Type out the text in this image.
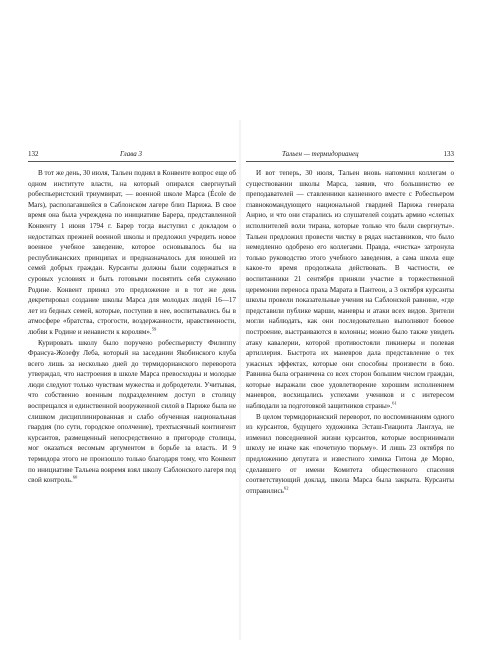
132	Глава 3

В тот же день, 30 июля, Тальен поднял в Конвенте вопрос еще об одном институте власти, на который опирался свергнутый робеспьеристский триумвират, — военной школе Марса (École de Mars), располагавшейся в Саблонском лагере близ Парижа. В свое время она была учреждена по инициативе Барера, представленной Конвенту 1 июня 1794 г. Барер тогда выступил с докладом о недостатках прежней военной школы и предложил учредить новое военное учебное заведение, которое основывалось бы на республиканских принципах и предназначалось для юношей из семей добрых граждан. Курсанты должны были содержаться в суровых условиях и быть готовыми посвятить себя служению Родине. Конвент принял это предложение и в тот же день декретировал создание школы Марса для молодых людей 16—17 лет из бедных семей, которые, поступив в нее, воспитывались бы в атмосфере «братства, строгости, воздержанности, нравственности, любви к Родине и ненависти к королям».$^{59}$

Курировать школу было поручено робеспьеристу Филиппу Франсуа-Жозефу Леба, который на заседании Якобинского клуба всего лишь за несколько дней до термидорианского переворота утверждал, что настроения в школе Марса превосходны и молодые люди следуют только чувствам мужества и добродетели. Учитывая, что собственно военным подразделением доступ в столицу воспрещался и единственной вооруженной силой в Париже была не слишком дисциплинированная и слабо обученная национальная гвардия (по сути, городское ополчение), трехтысячный контингент курсантов, размещенный непосредственно в пригороде столицы, мог оказаться весомым аргументом в борьбе за власть. И 9 термидора этого не произошло только благодаря тому, что Конвент по инициативе Тальена вовремя взял школу Саблонского лагеря под свой контроль.$^{60}$

Тальен — термидорианец	133

И вот теперь, 30 июля, Тальен вновь напомнил коллегам о существовании школы Марса, заявив, что большинство ее преподавателей — ставленники казненного вместе с Робеспьером главнокомандующего национальной гвардией Парижа генерала Анрио, и что они старались из слушателей создать армию «слепых исполнителей воли тирана, которые только что были свергнуты». Тальен предложил провести чистку в рядах наставников, что было немедленно одобрено его коллегами. Правда, «чистка» затронула только руководство этого учебного заведения, а сама школа еще какое-то время продолжала действовать. В частности, ее воспитанники 21 сентября приняли участие в торжественной церемонии переноса праха Марата в Пантеон, а 3 октября курсанты школы провели показательные учения на Саблонской равнине, «где представили публике марши, маневры и атаки всех видов. Зрители могли наблюдать, как они последовательно выполняют боевое построение, выстраиваются в колонны; можно было также увидеть атаку кавалерии, которой противостояли пикинеры и полевая артиллерия. Быстрота их маневров дала представление о тех ужасных эффектах, которые они способны произвести в бою. Равнина была ограничена со всех сторон большим числом граждан, которые выражали свое удовлетворение хорошим исполнением маневров, восхищались успехами учеников и с интересом наблюдали за подготовкой защитников страны».$^{61}$

В целом термидорианский переворот, по воспоминаниям одного из курсантов, будущего художника Эсташ-Гиацинта Ланглуа, не изменил повседневной жизни курсантов, которые воспринимали школу не иначе как «почетную тюрьму». И лишь 23 октября по предложению депутата и известного химика Гитона де Морво, сделавшего от имени Комитета общественного спасения соответствующий доклад, школа Марса была закрыта. Курсанты отправились$^{62}$
